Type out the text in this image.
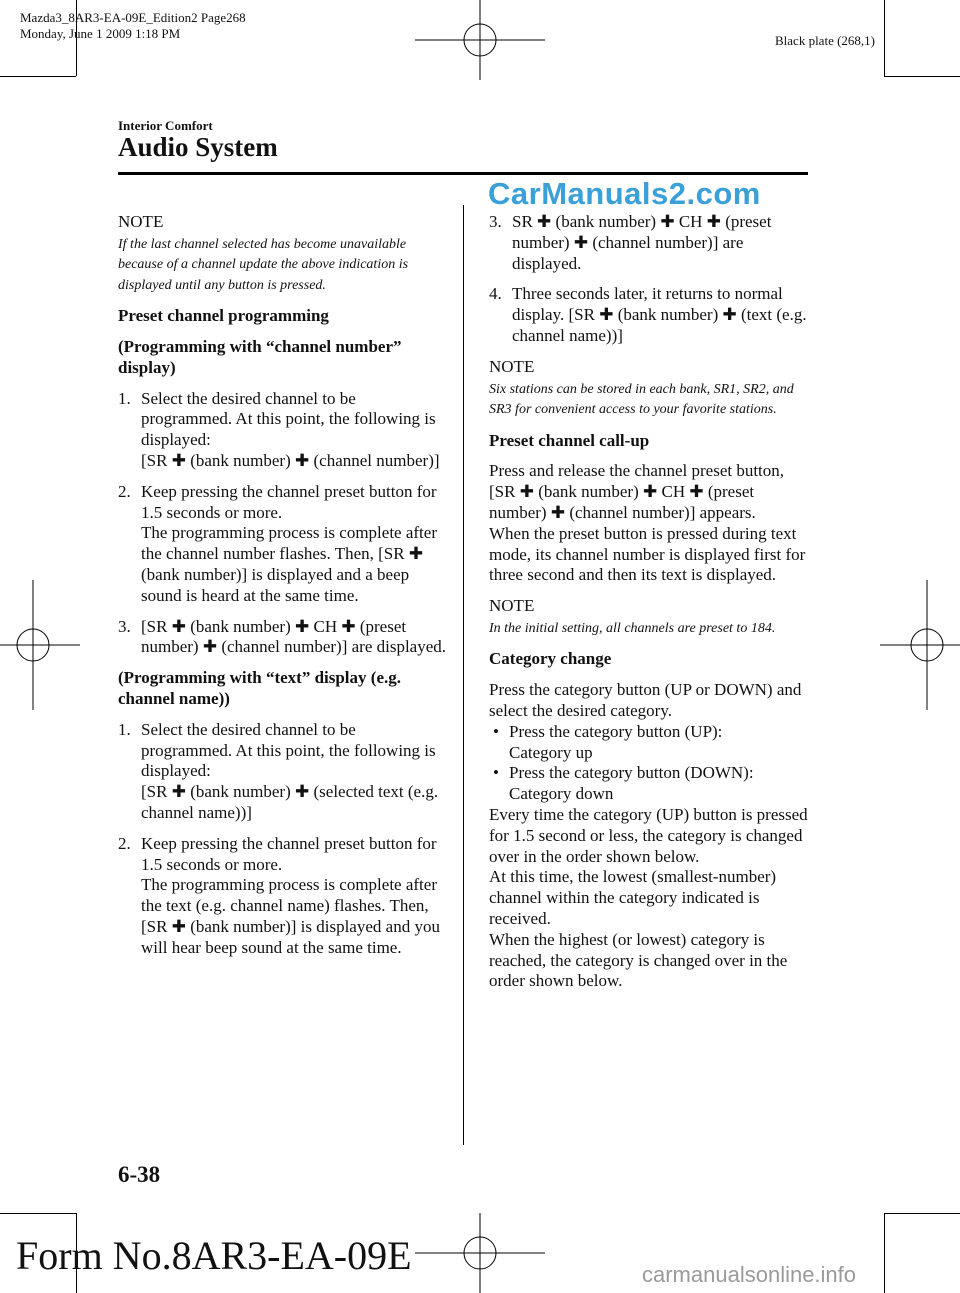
Mazda3_8AR3-EA-09E_Edition2 Page268
Monday, June 1 2009 1:18 PM	Black plate (268,1)
Interior Comfort
Audio System
CarManuals2.com

NOTE

If the last channel selected has become unavailable because of a channel update the above indication is displayed until any button is pressed.

Preset channel programming

(Programming with “channel number” display)

1. Select the desired channel to be programmed. At this point, the following is displayed:
[SR ✚ (bank number) ✚ (channel number)]
2. Keep pressing the channel preset button for 1.5 seconds or more.
The programming process is complete after the channel number flashes. Then, [SR ✚ (bank number)] is displayed and a beep sound is heard at the same time.
3. [SR ✚ (bank number) ✚ CH ✚ (preset number) ✚ (channel number)] are displayed.

(Programming with “text” display (e.g. channel name))

1. Select the desired channel to be programmed. At this point, the following is displayed:
[SR ✚ (bank number) ✚ (selected text (e.g. channel name))]
2. Keep pressing the channel preset button for 1.5 seconds or more.
The programming process is complete after the text (e.g. channel name) flashes. Then, [SR ✚ (bank number)] is displayed and you will hear beep sound at the same time.
3. SR ✚ (bank number) ✚ CH ✚ (preset number) ✚ (channel number)] are displayed.
4. Three seconds later, it returns to normal display. [SR ✚ (bank number) ✚ (text (e.g. channel name))]

NOTE

Six stations can be stored in each bank, SR1, SR2, and SR3 for convenient access to your favorite stations.

Preset channel call-up

Press and release the channel preset button,
[SR ✚ (bank number) ✚ CH ✚ (preset number) ✚ (channel number)] appears.
When the preset button is pressed during text mode, its channel number is displayed first for three second and then its text is displayed.

NOTE

In the initial setting, all channels are preset to 184.

Category change

Press the category button (UP or DOWN) and select the desired category.

• Press the category button (UP):
Category up
• Press the category button (DOWN):
Category down

Every time the category (UP) button is pressed for 1.5 second or less, the category is changed over in the order shown below.
At this time, the lowest (smallest-number) channel within the category indicated is received.
When the highest (or lowest) category is reached, the category is changed over in the order shown below.

6-38
Form No.8AR3-EA-09E	carmanualsonline.info
